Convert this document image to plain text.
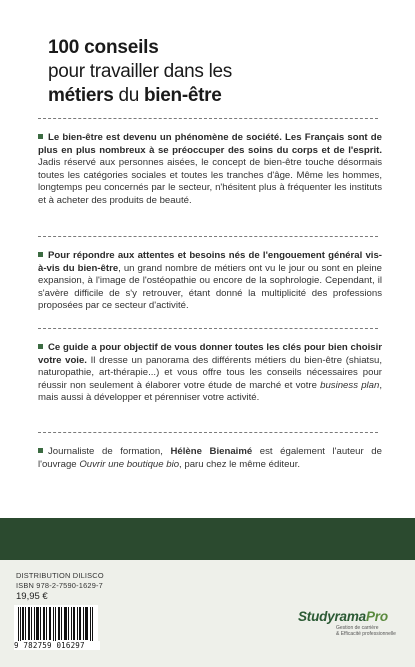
100 conseils
pour travailler dans les
métiers du bien-être
Le bien-être est devenu un phénomène de société. Les Français sont de plus en plus nombreux à se préoccuper des soins du corps et de l'esprit. Jadis réservé aux personnes aisées, le concept de bien-être touche désormais toutes les catégories sociales et toutes les tranches d'âge. Même les hommes, longtemps peu concernés par le secteur, n'hésitent plus à fréquenter les instituts et à acheter des produits de beauté.
Pour répondre aux attentes et besoins nés de l'engouement général vis-à-vis du bien-être, un grand nombre de métiers ont vu le jour ou sont en pleine expansion, à l'image de l'ostéopathie ou encore de la sophrologie. Cependant, il s'avère difficile de s'y retrouver, étant donné la multiplicité des professions proposées par ce secteur d'activité.
Ce guide a pour objectif de vous donner toutes les clés pour bien choisir votre voie. Il dresse un panorama des différents métiers du bien-être (shiatsu, naturopathie, art-thérapie...) et vous offre tous les conseils nécessaires pour réussir non seulement à élaborer votre étude de marché et votre business plan, mais aussi à développer et pérenniser votre activité.
Journaliste de formation, Hélène Bienaimé est également l'auteur de l'ouvrage Ouvrir une boutique bio, paru chez le même éditeur.
DISTRIBUTION DILISCO
ISBN 978-2-7590-1629-7
19,95 €
9 782759 016297
StudyramaPro
Gestion de carrière
& Efficacité professionnelle
